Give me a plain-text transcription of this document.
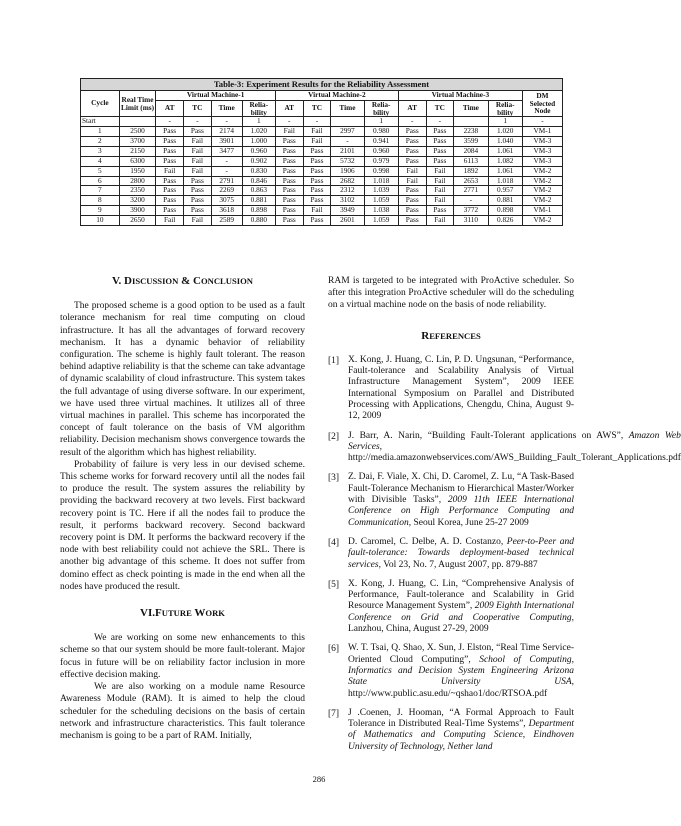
Table-3: Experiment Results for the Reliability Assessment														
Cycle	Real Time Limit (ms)	Virtual Machine-1				Virtual Machine-2				Virtual Machine-3				DM Selected Node
		AT	TC	Time	Relia-bility	AT	TC	Time	Relia-bility	AT	TC	Time	Relia-bility	
Start		-	-	-	1	-	-		1	-	-		1	-
1	2500	Pass	Pass	2174	1.020	Fail	Fail	2997	0.980	Pass	Pass	2238	1.020	VM-1
2	3700	Pass	Fail	3901	1.000	Pass	Fail	-	0.941	Pass	Pass	3599	1.040	VM-3
3	2150	Pass	Fail	3477	0.960	Pass	Pass	2101	0.960	Pass	Pass	2084	1.061	VM-3
4	6300	Pass	Fail	-	0.902	Pass	Pass	5732	0.979	Pass	Pass	6113	1.082	VM-3
5	1950	Fail	Fail	-	0.830	Pass	Pass	1906	0.998	Fail	Fail	1892	1.061	VM-2
6	2800	Pass	Pass	2791	0.846	Pass	Pass	2682	1.018	Fail	Fail	2653	1.018	VM-2
7	2350	Pass	Pass	2269	0.863	Pass	Pass	2312	1.039	Pass	Fail	2771	0.957	VM-2
8	3200	Pass	Pass	3075	0.881	Pass	Pass	3102	1.059	Pass	Fail	-	0.881	VM-2
9	3900	Pass	Pass	3618	0.898	Pass	Fail	3949	1.038	Pass	Pass	3772	0.898	VM-1
10	2650	Fail	Fail	2589	0.880	Pass	Pass	2601	1.059	Pass	Fail	3110	0.826	VM-2
V. DISCUSSION & CONCLUSION

The proposed scheme is a good option to be used as a fault tolerance mechanism for real time computing on cloud infrastructure. It has all the advantages of forward recovery mechanism. It has a dynamic behavior of reliability configuration. The scheme is highly fault tolerant. The reason behind adaptive reliability is that the scheme can take advantage of dynamic scalability of cloud infrastructure. This system takes the full advantage of using diverse software. In our experiment, we have used three virtual machines. It utilizes all of three virtual machines in parallel. This scheme has incorporated the concept of fault tolerance on the basis of VM algorithm reliability. Decision mechanism shows convergence towards the result of the algorithm which has highest reliability.

Probability of failure is very less in our devised scheme. This scheme works for forward recovery until all the nodes fail to produce the result. The system assures the reliability by providing the backward recovery at two levels. First backward recovery point is TC. Here if all the nodes fail to produce the result, it performs backward recovery. Second backward recovery point is DM. It performs the backward recovery if the node with best reliability could not achieve the SRL. There is another big advantage of this scheme. It does not suffer from domino effect as check pointing is made in the end when all the nodes have produced the result.

VI.FUTURE WORK

We are working on some new enhancements to this scheme so that our system should be more fault-tolerant. Major focus in future will be on reliability factor inclusion in more effective decision making.

We are also working on a module name Resource Awareness Module (RAM). It is aimed to help the cloud scheduler for the scheduling decisions on the basis of certain network and infrastructure characteristics. This fault tolerance mechanism is going to be a part of RAM. Initially,

RAM is targeted to be integrated with ProActive scheduler. So after this integration ProActive scheduler will do the scheduling on a virtual machine node on the basis of node reliability.

REFERENCES
[1] X. Kong, J. Huang, C. Lin, P. D. Ungsunan, “Performance, Fault-tolerance and Scalability Analysis of Virtual Infrastructure Management System”, 2009 IEEE International Symposium on Parallel and Distributed Processing with Applications, Chengdu, China, August 9-12, 2009
[2] J. Barr, A. Narin, “Building Fault-Tolerant applications on AWS”, Amazon Web Services, http://media.amazonwebservices.com/AWS_Building_Fault_Tolerant_Applications.pdf
[3] Z. Dai, F. Viale, X. Chi, D. Caromel, Z. Lu, “A Task-Based Fault-Tolerance Mechanism to Hierarchical Master/Worker with Divisible Tasks”, 2009 11th IEEE International Conference on High Performance Computing and Communication, Seoul Korea, June 25-27 2009
[4] D. Caromel, C. Delbe, A. D. Costanzo, Peer-to-Peer and fault-tolerance: Towards deployment-based technical services, Vol 23, No. 7, August 2007, pp. 879-887
[5] X. Kong, J. Huang, C. Lin, “Comprehensive Analysis of Performance, Fault-tolerance and Scalability in Grid Resource Management System”, 2009 Eighth International Conference on Grid and Cooperative Computing, Lanzhou, China, August 27-29, 2009
[6] W. T. Tsai, Q. Shao, X. Sun, J. Elston, “Real Time Service-Oriented Cloud Computing”, School of Computing, Informatics and Decision System Engineering Arizona State University USA, http://www.public.asu.edu/~qshao1/doc/RTSOA.pdf
[7] J .Coenen, J. Hooman, “A Formal Approach to Fault Tolerance in Distributed Real-Time Systems”, Department of Mathematics and Computing Science, Eindhoven University of Technology, Nether land
286
